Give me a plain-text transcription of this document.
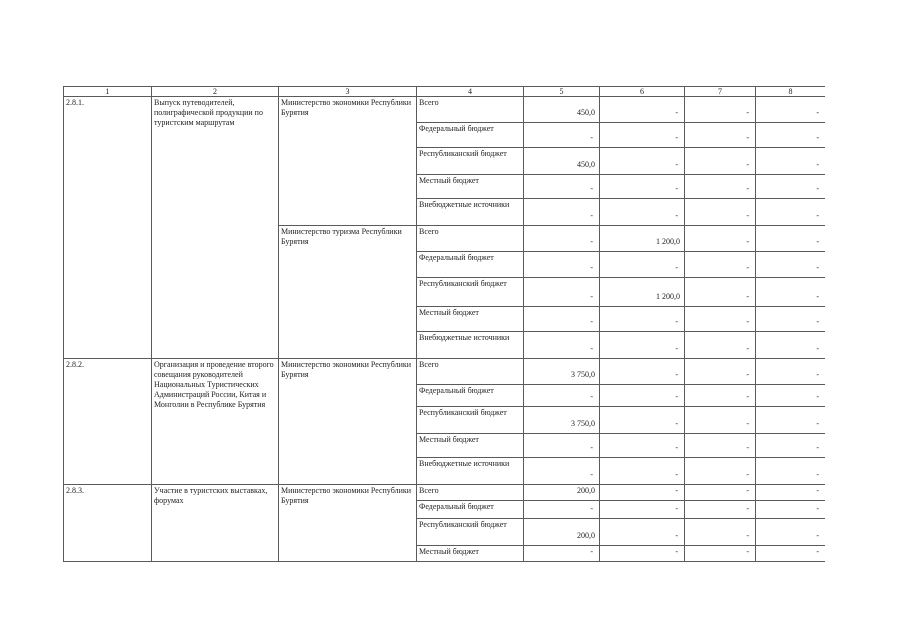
1	2	3	4	5	6	7	8
2.8.1.	Выпуск путеводителей, полиграфической продукции по туристским маршрутам	Министерство экономики Республики Бурятия	Всего	450,0	-	-	-
			Федеральный бюджет	-	-	-	-
			Республиканский бюджет	450,0	-	-	-
			Местный бюджет	-	-	-	-
			Внебюджетные источники	-	-	-	-
		Министерство туризма Республики Бурятия	Всего	-	1 200,0	-	-
			Федеральный бюджет	-	-	-	-
			Республиканский бюджет	-	1 200,0	-	-
			Местный бюджет	-	-	-	-
			Внебюджетные источники	-	-	-	-
2.8.2.	Организация и проведение второго совещания руководителей Национальных Туристических Администраций России, Китая и Монголии в Республике Бурятия	Министерство экономики Республики Бурятия	Всего	3 750,0	-	-	-
			Федеральный бюджет	-	-	-	-
			Республиканский бюджет	3 750,0	-	-	-
			Местный бюджет	-	-	-	-
			Внебюджетные источники	-	-	-	-
2.8.3.	Участие в туристских выставках, форумах	Министерство экономики Республики Бурятия	Всего	200,0	-	-	-
			Федеральный бюджет	-	-	-	-
			Республиканский бюджет	200,0	-	-	-
			Местный бюджет	-	-	-	-
